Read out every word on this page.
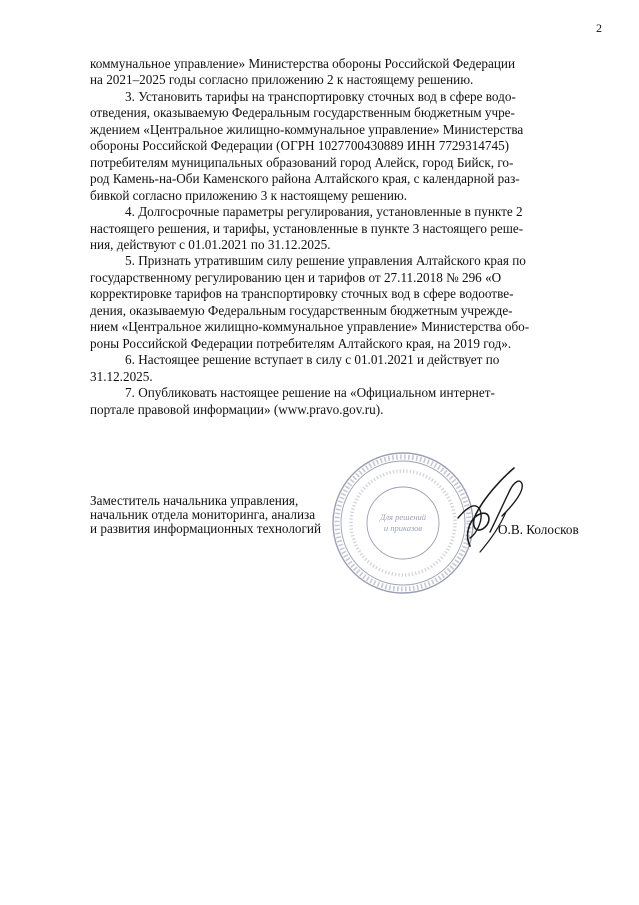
2

коммунальное управление» Министерства обороны Российской Федерации
на 2021–2025 годы согласно приложению 2 к настоящему решению.

3. Установить тарифы на транспортировку сточных вод в сфере водо-
отведения, оказываемую Федеральным государственным бюджетным учре-
ждением «Центральное жилищно-коммунальное управление» Министерства
обороны Российской Федерации (ОГРН 1027700430889 ИНН 7729314745)
потребителям муниципальных образований город Алейск, город Бийск, го-
род Камень-на-Оби Каменского района Алтайского края, с календарной раз-
бивкой согласно приложению 3 к настоящему решению.

4. Долгосрочные параметры регулирования, установленные в пункте 2
настоящего решения, и тарифы, установленные в пункте 3 настоящего реше-
ния, действуют с 01.01.2021 по 31.12.2025.

5. Признать утратившим силу решение управления Алтайского края по
государственному регулированию цен и тарифов от 27.11.2018 № 296 «О
корректировке тарифов на транспортировку сточных вод в сфере водоотве-
дения, оказываемую Федеральным государственным бюджетным учрежде-
нием «Центральное жилищно-коммунальное управление» Министерства обо-
роны Российской Федерации потребителям Алтайского края, на 2019 год».

6. Настоящее решение вступает в силу с 01.01.2021 и действует по
31.12.2025.

7. Опубликовать настоящее решение на «Официальном интернет-
портале правовой информации» (www.pravo.gov.ru).

Для решений
и приказов

Заместитель начальника управления,
начальник отдела мониторинга, анализа
и развития информационных технологий	О.В. Колосков
